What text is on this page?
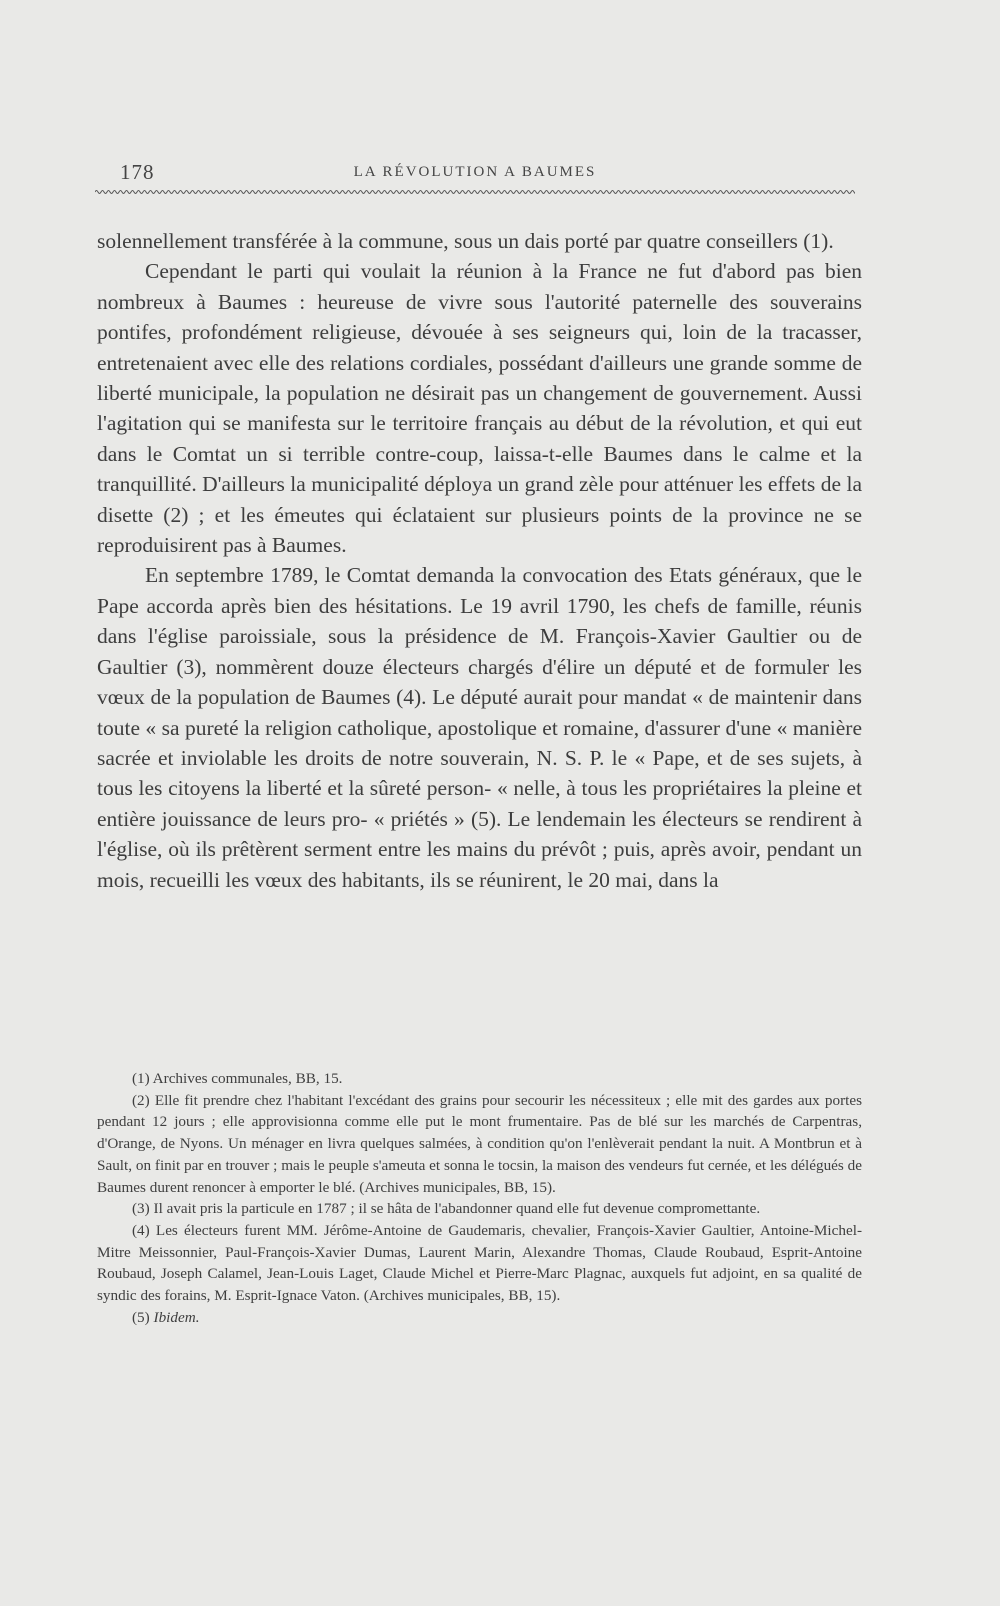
178	LA RÉVOLUTION A BAUMES

solennellement transférée à la commune, sous un dais porté par quatre conseillers (1).

Cependant le parti qui voulait la réunion à la France ne fut d'abord pas bien nombreux à Baumes : heureuse de vivre sous l'autorité paternelle des souverains pontifes, profondément religieuse, dévouée à ses seigneurs qui, loin de la tracasser, entretenaient avec elle des relations cordiales, possédant d'ailleurs une grande somme de liberté municipale, la population ne désirait pas un changement de gouvernement. Aussi l'agitation qui se manifesta sur le territoire français au début de la révolution, et qui eut dans le Comtat un si terrible contre-coup, laissa-t-elle Baumes dans le calme et la tranquillité. D'ailleurs la municipalité déploya un grand zèle pour atténuer les effets de la disette (2) ; et les émeutes qui éclataient sur plusieurs points de la province ne se reproduisirent pas à Baumes.

En septembre 1789, le Comtat demanda la convocation des Etats généraux, que le Pape accorda après bien des hésitations. Le 19 avril 1790, les chefs de famille, réunis dans l'église paroissiale, sous la présidence de M. François-Xavier Gaultier ou de Gaultier (3), nommèrent douze électeurs chargés d'élire un député et de formuler les vœux de la population de Baumes (4). Le député aurait pour mandat « de maintenir dans toute « sa pureté la religion catholique, apostolique et romaine, d'assurer d'une « manière sacrée et inviolable les droits de notre souverain, N. S. P. le « Pape, et de ses sujets, à tous les citoyens la liberté et la sûreté person- « nelle, à tous les propriétaires la pleine et entière jouissance de leurs pro- « priétés » (5). Le lendemain les électeurs se rendirent à l'église, où ils prêtèrent serment entre les mains du prévôt ; puis, après avoir, pendant un mois, recueilli les vœux des habitants, ils se réunirent, le 20 mai, dans la

(1) Archives communales, BB, 15.

(2) Elle fit prendre chez l'habitant l'excédant des grains pour secourir les nécessiteux ; elle mit des gardes aux portes pendant 12 jours ; elle approvisionna comme elle put le mont frumentaire. Pas de blé sur les marchés de Carpentras, d'Orange, de Nyons. Un ménager en livra quelques salmées, à condition qu'on l'enlèverait pendant la nuit. A Montbrun et à Sault, on finit par en trouver ; mais le peuple s'ameuta et sonna le tocsin, la maison des vendeurs fut cernée, et les délégués de Baumes durent renoncer à emporter le blé. (Archives municipales, BB, 15).

(3) Il avait pris la particule en 1787 ; il se hâta de l'abandonner quand elle fut devenue compromettante.

(4) Les électeurs furent MM. Jérôme-Antoine de Gaudemaris, chevalier, François-Xavier Gaultier, Antoine-Michel-Mitre Meissonnier, Paul-François-Xavier Dumas, Laurent Marin, Alexandre Thomas, Claude Roubaud, Esprit-Antoine Roubaud, Joseph Calamel, Jean-Louis Laget, Claude Michel et Pierre-Marc Plagnac, auxquels fut adjoint, en sa qualité de syndic des forains, M. Esprit-Ignace Vaton. (Archives municipales, BB, 15).

(5) Ibidem.
